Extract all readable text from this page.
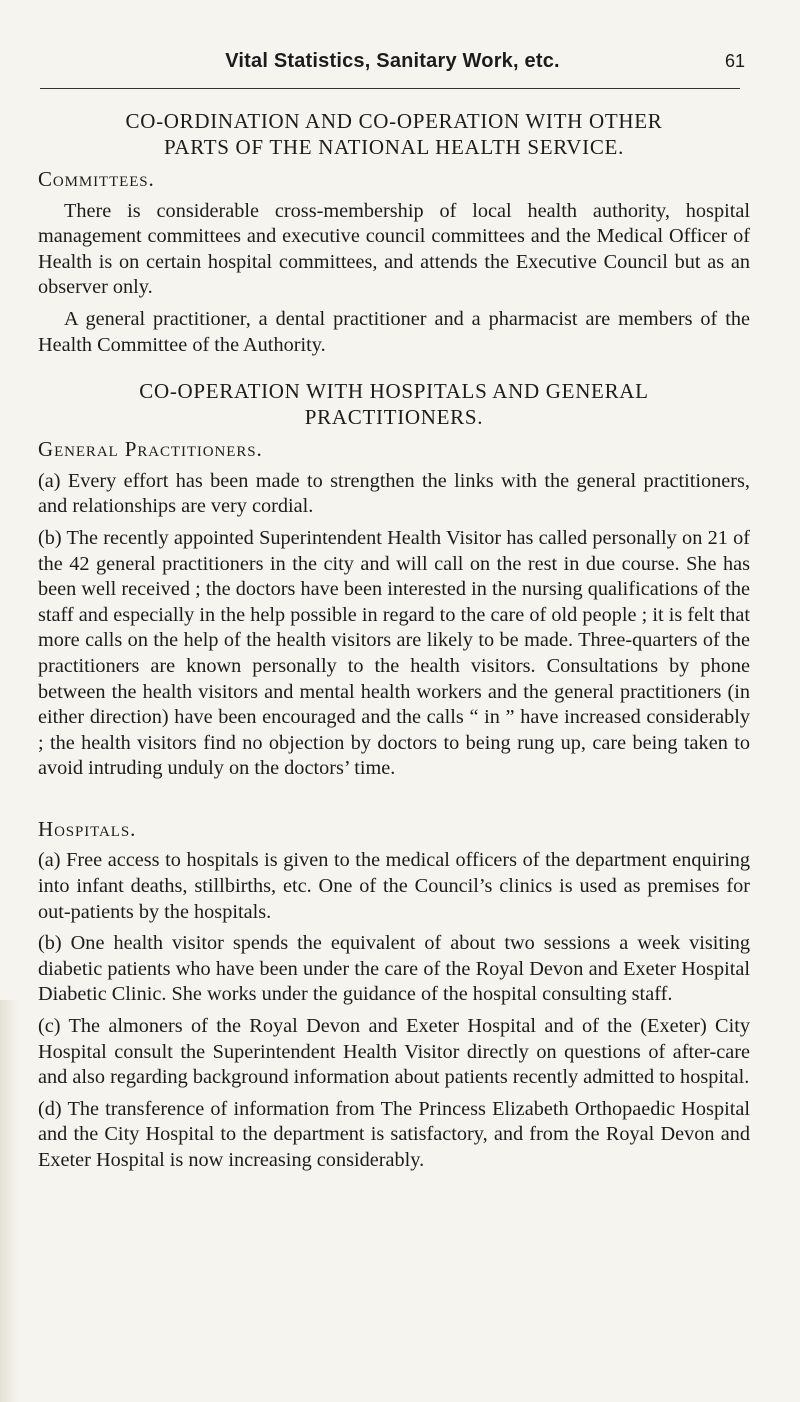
Vital Statistics, Sanitary Work, etc.	61
CO-ORDINATION AND CO-OPERATION WITH OTHER
PARTS OF THE NATIONAL HEALTH SERVICE.
Committees.

There is considerable cross-membership of local health authority, hospital management committees and executive council committees and the Medical Officer of Health is on certain hospital committees, and attends the Executive Council but as an observer only.

A general practitioner, a dental practitioner and a pharmacist are members of the Health Committee of the Authority.

CO-OPERATION WITH HOSPITALS AND GENERAL
PRACTITIONERS.
General Practitioners.

(a) Every effort has been made to strengthen the links with the general practitioners, and relationships are very cordial.

(b) The recently appointed Superintendent Health Visitor has called personally on 21 of the 42 general practitioners in the city and will call on the rest in due course. She has been well received ; the doctors have been interested in the nursing qualifications of the staff and especially in the help possible in regard to the care of old people ; it is felt that more calls on the help of the health visitors are likely to be made. Three-quarters of the practitioners are known personally to the health visitors. Consultations by phone between the health visitors and mental health workers and the general practitioners (in either direction) have been encouraged and the calls “ in ” have increased considerably ; the health visitors find no objection by doctors to being rung up, care being taken to avoid intruding unduly on the doctors’ time.

Hospitals.

(a) Free access to hospitals is given to the medical officers of the department enquiring into infant deaths, stillbirths, etc. One of the Council’s clinics is used as premises for out-patients by the hospitals.

(b) One health visitor spends the equivalent of about two sessions a week visiting diabetic patients who have been under the care of the Royal Devon and Exeter Hospital Diabetic Clinic. She works under the guidance of the hospital consulting staff.

(c) The almoners of the Royal Devon and Exeter Hospital and of the (Exeter) City Hospital consult the Superintendent Health Visitor directly on questions of after-care and also regarding background information about patients recently admitted to hospital.

(d) The transference of information from The Princess Elizabeth Orthopaedic Hospital and the City Hospital to the department is satisfactory, and from the Royal Devon and Exeter Hospital is now increasing considerably.
